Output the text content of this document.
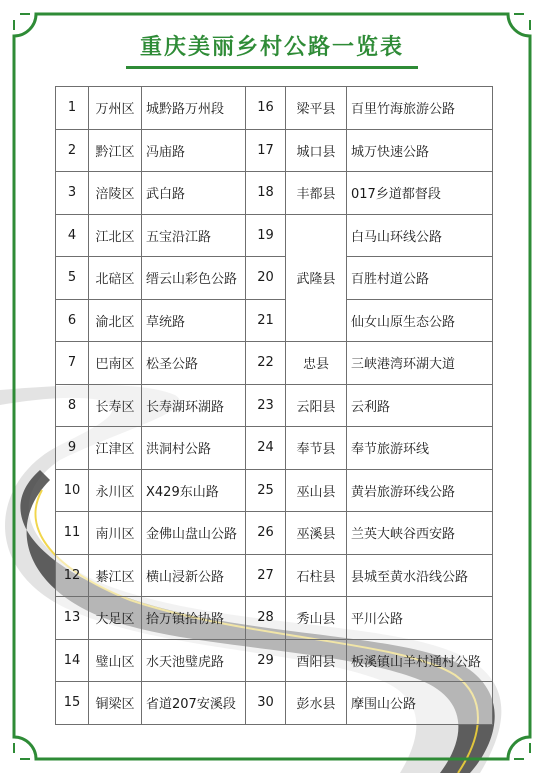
重庆美丽乡村公路一览表
1	万州区	城黔路万州段	16	梁平县	百里竹海旅游公路
2	黔江区	冯庙路	17	城口县	城万快速公路
3	涪陵区	武白路	18	丰都县	017乡道都督段
4	江北区	五宝沿江路	19	武隆县	白马山环线公路
5	北碚区	缙云山彩色公路	20		百胜村道公路
6	渝北区	草统路	21		仙女山原生态公路
7	巴南区	松圣公路	22	忠县	三峡港湾环湖大道
8	长寿区	长寿湖环湖路	23	云阳县	云利路
9	江津区	洪洞村公路	24	奉节县	奉节旅游环线
10	永川区	X429东山路	25	巫山县	黄岩旅游环线公路
11	南川区	金佛山盘山公路	26	巫溪县	兰英大峡谷西安路
12	綦江区	横山浸新公路	27	石柱县	县城至黄水沿线公路
13	大足区	拾万镇拾协路	28	秀山县	平川公路
14	璧山区	水天池璧虎路	29	酉阳县	板溪镇山羊村通村公路
15	铜梁区	省道207安溪段	30	彭水县	摩围山公路
